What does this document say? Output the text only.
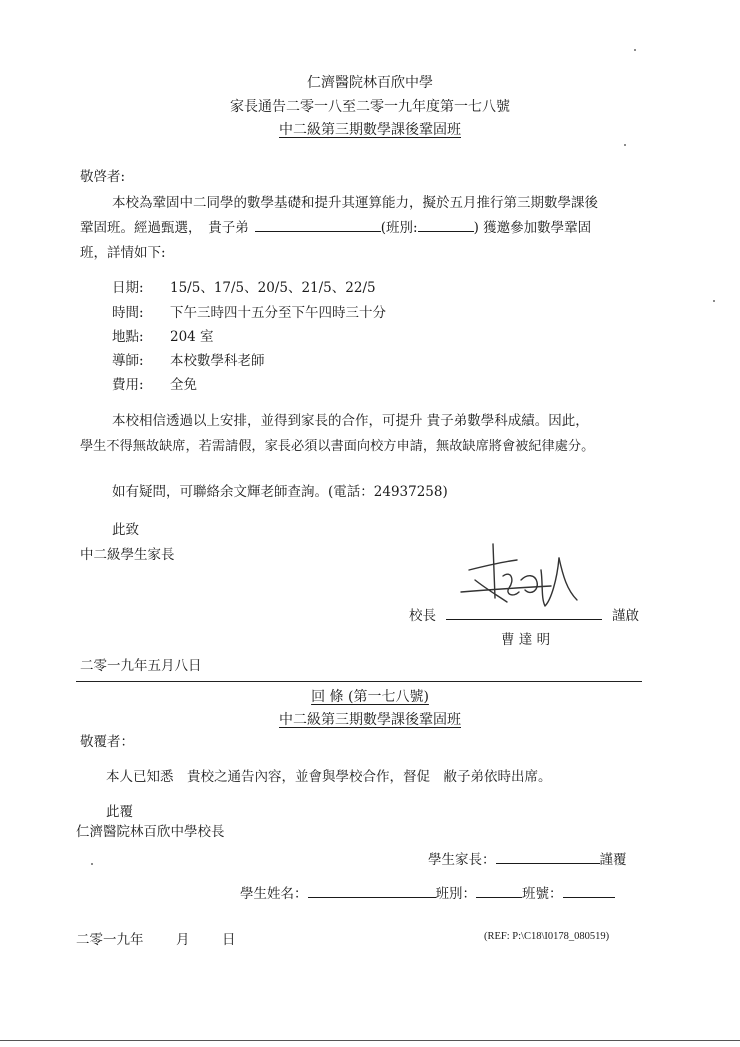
仁濟醫院林百欣中學
家長通告二零一八至二零一九年度第一七八號
中二級第三期數學課後鞏固班
敬啓者:
本校為鞏固中二同學的數學基礎和提升其運算能力，擬於五月推行第三期數學課後
鞏固班。經過甄選，　貴子弟	(班別:	) 獲邀參加數學鞏固
班，詳情如下:
日期: 15/5、17/5、20/5、21/5、22/5
時間: 下午三時四十五分至下午四時三十分
地點: 204 室
導師: 本校數學科老師
費用: 全免
本校相信透過以上安排，並得到家長的合作，可提升 貴子弟數學科成績。因此，
學生不得無故缺席，若需請假，家長必須以書面向校方申請，無故缺席將會被紀律處分。
如有疑問，可聯絡余文輝老師查詢。(電話：24937258)
此致
中二級學生家長
校長	謹啟
曹 達 明
二零一九年五月八日
回 條 (第一七八號)
中二級第三期數學課後鞏固班
敬覆者：
本人已知悉　貴校之通告內容，並會與學校合作，督促　敝子弟依時出席。
此覆
仁濟醫院林百欣中學校長
學生家長：	謹覆
學生姓名：	班別：	班號：
二零一九年 月 日	(REF: P:\C18\I0178_080519)
